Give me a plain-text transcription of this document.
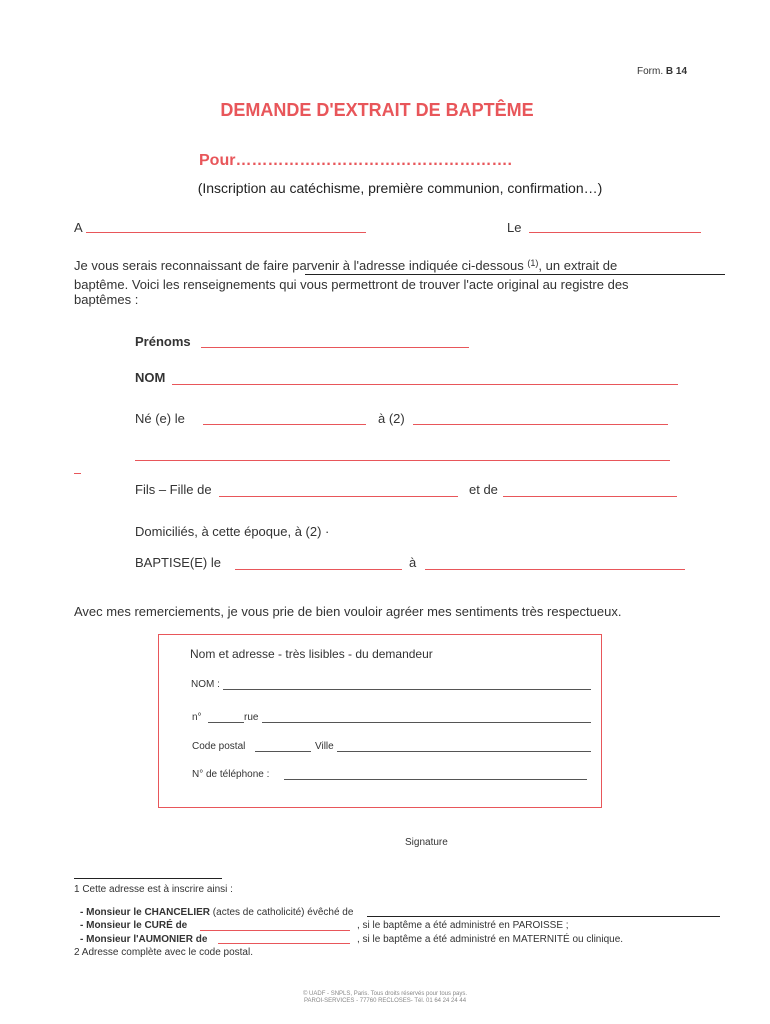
Form. B 14
DEMANDE D'EXTRAIT DE BAPTÊME
Pour…………………………………………….
(Inscription au catéchisme, première communion, confirmation…)
A	Le
Je vous serais reconnaissant de faire parvenir à l'adresse indiquée ci-dessous $^{(1)}$, un extrait de
baptême. Voici les renseignements qui vous permettront de trouver l'acte original au registre des
baptêmes :
Prénoms
NOM
Né (e) le	à (2)
Fils – Fille de	et de
Domiciliés, à cette époque, à (2) ·
BAPTISE(E) le	à
Avec mes remerciements, je vous prie de bien vouloir agréer mes sentiments très respectueux.
Nom et adresse - très lisibles - du demandeur
NOM :
n°	rue
Code postal	Ville
N° de téléphone :
Signature
1 Cette adresse est à inscrire ainsi :
- Monsieur le CHANCELIER (actes de catholicité) évêché de
- Monsieur le CURÉ de	, si le baptême a été administré en PAROISSE ;
- Monsieur l'AUMONIER de	, si le baptême a été administré en MATERNITÉ ou clinique.
2 Adresse complète avec le code postal.
© UADF - SNPLS, Paris. Tous droits réservés pour tous pays.
PAROI-SERVICES - 77760 RECLOSES- Tél. 01 64 24 24 44
